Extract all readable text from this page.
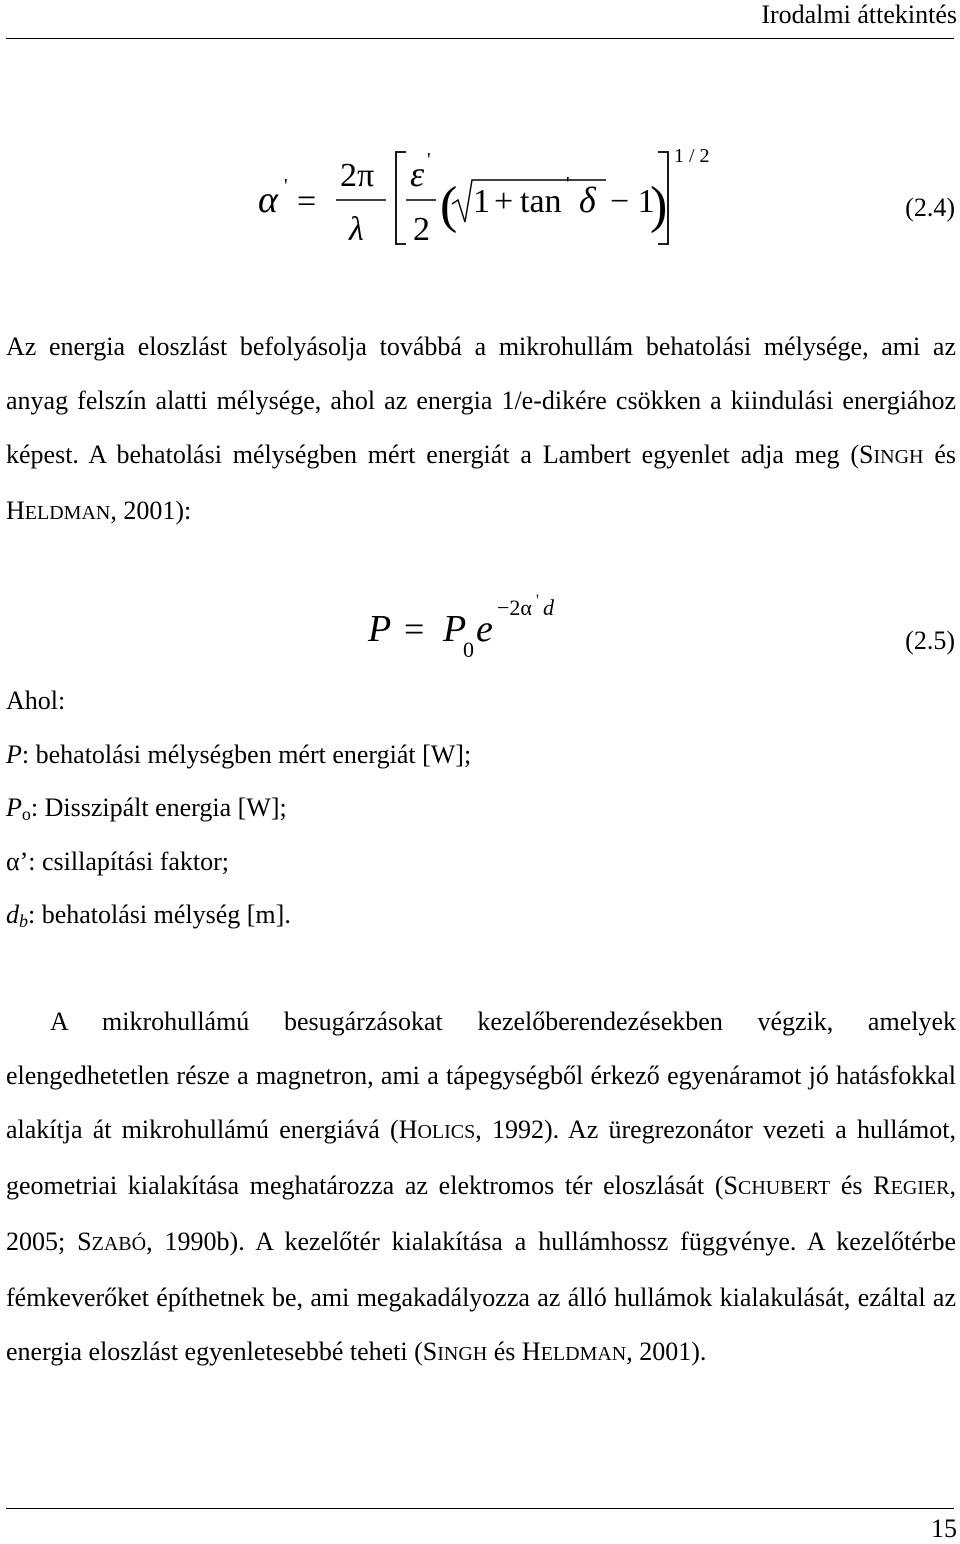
Irodalmi áttekintés
α ' =
2π
λ
ε '
2 ( 1 + tan ' δ − 1
)
1 / 2
(2.4)
Az energia eloszlást befolyásolja továbbá a mikrohullám behatolási mélysége, ami az anyag felszín alatti mélysége, ahol az energia 1/e-dikére csökken a kiindulási energiához képest. A behatolási mélységben mért energiát a Lambert egyenlet adja meg (SINGH és HELDMAN, 2001):
P = P
0 e
−2α ' d
(2.5)
Ahol:
P: behatolási mélységben mért energiát [W];
$P_o$: Disszipált energia [W];
α’: csillapítási faktor;
$d_b$: behatolási mélység [m].
A mikrohullámú besugárzásokat kezelőberendezésekben végzik, amelyek elengedhetetlen része a magnetron, ami a tápegységből érkező egyenáramot jó hatásfokkal alakítja át mikrohullámú energiává (HOLICS, 1992). Az üregrezonátor vezeti a hullámot, geometriai kialakítása meghatározza az elektromos tér eloszlását (SCHUBERT és REGIER, 2005; SZABÓ, 1990b). A kezelőtér kialakítása a hullámhossz függvénye. A kezelőtérbe fémkeverőket építhetnek be, ami megakadályozza az álló hullámok kialakulását, ezáltal az energia eloszlást egyenletesebbé teheti (SINGH és HELDMAN, 2001).
15
